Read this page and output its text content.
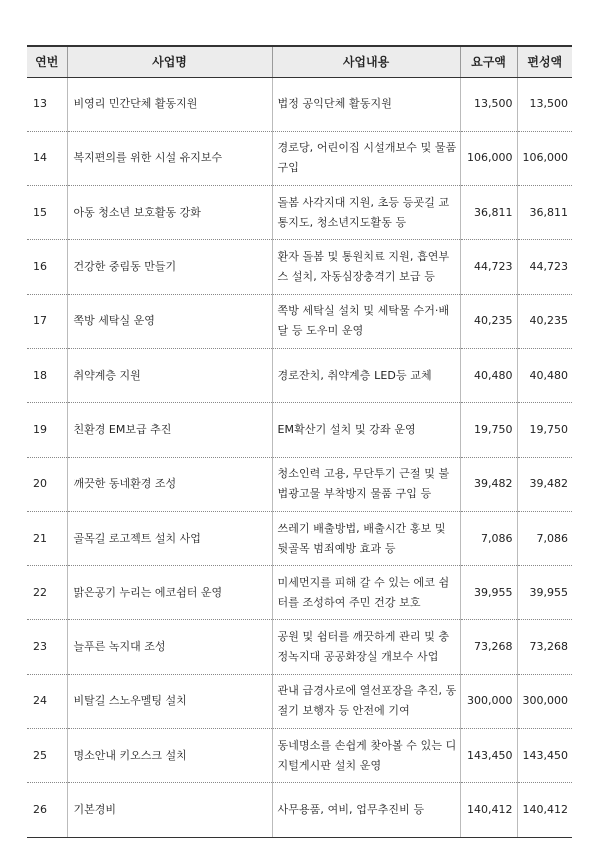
연번	사업명	사업내용	요구액	편성액
13	비영리 민간단체 활동지원	법정 공익단체 활동지원	13,500	13,500
14	복지편의를 위한 시설 유지보수	경로당, 어린이집 시설개보수 및 물품구입	106,000	106,000
15	아동 청소년 보호활동 강화	돌봄 사각지대 지원, 초등 등굣길 교통지도, 청소년지도활동 등	36,811	36,811
16	건강한 중림동 만들기	환자 돌봄 및 통원치료 지원, 흡연부스 설치, 자동심장충격기 보급 등	44,723	44,723
17	쪽방 세탁실 운영	쪽방 세탁실 설치 및 세탁물 수거·배달 등 도우미 운영	40,235	40,235
18	취약계층 지원	경로잔치, 취약계층 LED등 교체	40,480	40,480
19	친환경 EM보급 추진	EM확산기 설치 및 강좌 운영	19,750	19,750
20	깨끗한 동네환경 조성	청소인력 고용, 무단투기 근절 및 불법광고물 부착방지 물품 구입 등	39,482	39,482
21	골목길 로고젝트 설치 사업	쓰레기 배출방법, 배출시간 홍보 및 뒷골목 범죄예방 효과 등	7,086	7,086
22	맑은공기 누리는 에코쉼터 운영	미세먼지를 피해 갈 수 있는 에코 쉼터를 조성하여 주민 건강 보호	39,955	39,955
23	늘푸른 녹지대 조성	공원 및 쉼터를 깨끗하게 관리 및 충정녹지대 공공화장실 개보수 사업	73,268	73,268
24	비탈길 스노우멜팅 설치	관내 급경사로에 열선포장을 추진, 동절기 보행자 등 안전에 기여	300,000	300,000
25	명소안내 키오스크 설치	동네명소를 손쉽게 찾아볼 수 있는 디지털게시판 설치 운영	143,450	143,450
26	기본경비	사무용품, 여비, 업무추진비 등	140,412	140,412
